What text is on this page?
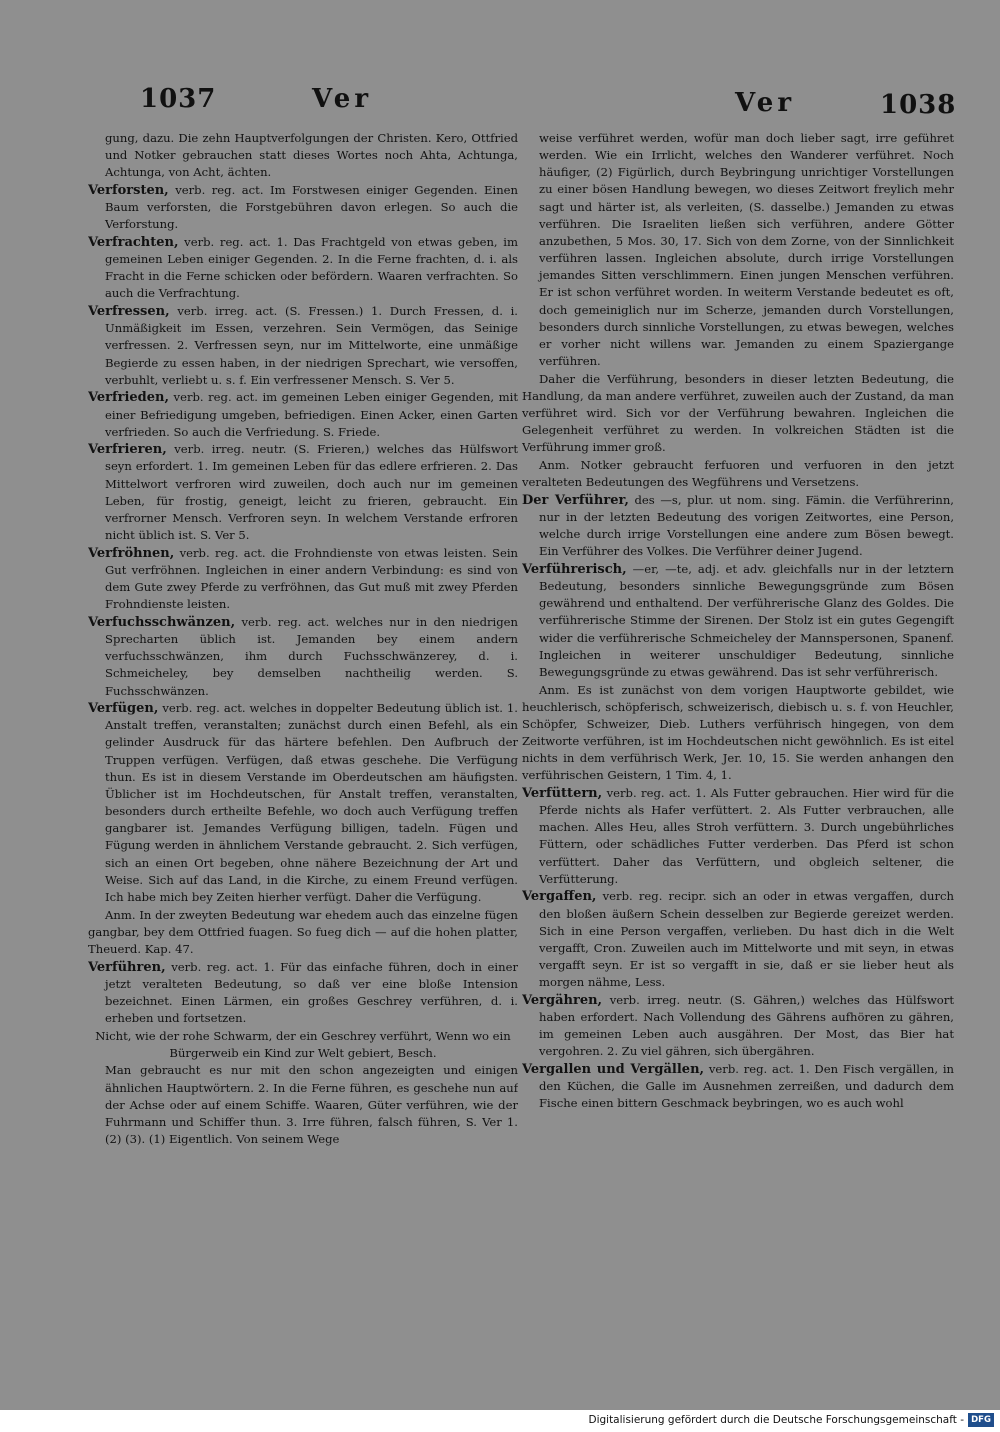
1037	Ver	Ver	1038

gung, dazu. Die zehn Hauptverfolgungen der Christen. Kero, Ottfried und Notker gebrauchen statt dieses Wortes noch Ahta, Achtunga, Achtunga, von Acht, ächten.

Verforsten, verb. reg. act. Im Forstwesen einiger Gegenden. Einen Baum verforsten, die Forstgebühren davon erlegen. So auch die Verforstung.

Verfrachten, verb. reg. act. 1. Das Frachtgeld von etwas geben, im gemeinen Leben einiger Gegenden. 2. In die Ferne frachten, d. i. als Fracht in die Ferne schicken oder befördern. Waaren verfrachten. So auch die Verfrachtung.

Verfressen, verb. irreg. act. (S. Fressen.) 1. Durch Fressen, d. i. Unmäßigkeit im Essen, verzehren. Sein Vermögen, das Seinige verfressen. 2. Verfressen seyn, nur im Mittelworte, eine unmäßige Begierde zu essen haben, in der niedrigen Sprechart, wie versoffen, verbuhlt, verliebt u. s. f. Ein verfressener Mensch. S. Ver 5.

Verfrieden, verb. reg. act. im gemeinen Leben einiger Gegenden, mit einer Befriedigung umgeben, befriedigen. Einen Acker, einen Garten verfrieden. So auch die Verfriedung. S. Friede.

Verfrieren, verb. irreg. neutr. (S. Frieren,) welches das Hülfswort seyn erfordert. 1. Im gemeinen Leben für das edlere erfrieren. 2. Das Mittelwort verfroren wird zuweilen, doch auch nur im gemeinen Leben, für frostig, geneigt, leicht zu frieren, gebraucht. Ein verfrorner Mensch. Verfroren seyn. In welchem Verstande erfroren nicht üblich ist. S. Ver 5.

Verfröhnen, verb. reg. act. die Frohndienste von etwas leisten. Sein Gut verfröhnen. Ingleichen in einer andern Verbindung: es sind von dem Gute zwey Pferde zu verfröhnen, das Gut muß mit zwey Pferden Frohndienste leisten.

Verfuchsschwänzen, verb. reg. act. welches nur in den niedrigen Sprecharten üblich ist. Jemanden bey einem andern verfuchsschwänzen, ihm durch Fuchsschwänzerey, d. i. Schmeicheley, bey demselben nachtheilig werden. S. Fuchsschwänzen.

Verfügen, verb. reg. act. welches in doppelter Bedeutung üblich ist. 1. Anstalt treffen, veranstalten; zunächst durch einen Befehl, als ein gelinder Ausdruck für das härtere befehlen. Den Aufbruch der Truppen verfügen. Verfügen, daß etwas geschehe. Die Verfügung thun. Es ist in diesem Verstande im Oberdeutschen am häufigsten. Üblicher ist im Hochdeutschen, für Anstalt treffen, veranstalten, besonders durch ertheilte Befehle, wo doch auch Verfügung treffen gangbarer ist. Jemandes Verfügung billigen, tadeln. Fügen und Fügung werden in ähnlichem Verstande gebraucht. 2. Sich verfügen, sich an einen Ort begeben, ohne nähere Bezeichnung der Art und Weise. Sich auf das Land, in die Kirche, zu einem Freund verfügen. Ich habe mich bey Zeiten hierher verfügt. Daher die Verfügung.

Anm. In der zweyten Bedeutung war ehedem auch das einzelne fügen gangbar, bey dem Ottfried fuagen. So fueg dich — auf die hohen platter, Theuerd. Kap. 47.

Verführen, verb. reg. act. 1. Für das einfache führen, doch in einer jetzt veralteten Bedeutung, so daß ver eine bloße Intension bezeichnet. Einen Lärmen, ein großes Geschrey verführen, d. i. erheben und fortsetzen.

Nicht, wie der rohe Schwarm, der ein Geschrey verführt, Wenn wo ein Bürgerweib ein Kind zur Welt gebiert, Besch.

Man gebraucht es nur mit den schon angezeigten und einigen ähnlichen Hauptwörtern. 2. In die Ferne führen, es geschehe nun auf der Achse oder auf einem Schiffe. Waaren, Güter verführen, wie der Fuhrmann und Schiffer thun. 3. Irre führen, falsch führen, S. Ver 1. (2) (3). (1) Eigentlich. Von seinem Wege

weise verführet werden, wofür man doch lieber sagt, irre geführet werden. Wie ein Irrlicht, welches den Wanderer verführet. Noch häufiger, (2) Figürlich, durch Beybringung unrichtiger Vorstellungen zu einer bösen Handlung bewegen, wo dieses Zeitwort freylich mehr sagt und härter ist, als verleiten, (S. dasselbe.) Jemanden zu etwas verführen. Die Israeliten ließen sich verführen, andere Götter anzubethen, 5 Mos. 30, 17. Sich von dem Zorne, von der Sinnlichkeit verführen lassen. Ingleichen absolute, durch irrige Vorstellungen jemandes Sitten verschlimmern. Einen jungen Menschen verführen. Er ist schon verführet worden. In weiterm Verstande bedeutet es oft, doch gemeiniglich nur im Scherze, jemanden durch Vorstellungen, besonders durch sinnliche Vorstellungen, zu etwas bewegen, welches er vorher nicht willens war. Jemanden zu einem Spaziergange verführen.

Daher die Verführung, besonders in dieser letzten Bedeutung, die Handlung, da man andere verführet, zuweilen auch der Zustand, da man verführet wird. Sich vor der Verführung bewahren. Ingleichen die Gelegenheit verführet zu werden. In volkreichen Städten ist die Verführung immer groß.

Anm. Notker gebraucht ferfuoren und verfuoren in den jetzt veralteten Bedeutungen des Wegführens und Versetzens.

Der Verführer, des —s, plur. ut nom. sing. Fämin. die Verführerinn, nur in der letzten Bedeutung des vorigen Zeitwortes, eine Person, welche durch irrige Vorstellungen eine andere zum Bösen bewegt. Ein Verführer des Volkes. Die Verführer deiner Jugend.

Verführerisch, —er, —te, adj. et adv. gleichfalls nur in der letztern Bedeutung, besonders sinnliche Bewegungsgründe zum Bösen gewährend und enthaltend. Der verführerische Glanz des Goldes. Die verführerische Stimme der Sirenen. Der Stolz ist ein gutes Gegengift wider die verführerische Schmeicheley der Mannspersonen, Spanenf. Ingleichen in weiterer unschuldiger Bedeutung, sinnliche Bewegungsgründe zu etwas gewährend. Das ist sehr verführerisch.

Anm. Es ist zunächst von dem vorigen Hauptworte gebildet, wie heuchlerisch, schöpferisch, schweizerisch, diebisch u. s. f. von Heuchler, Schöpfer, Schweizer, Dieb. Luthers verführisch hingegen, von dem Zeitworte verführen, ist im Hochdeutschen nicht gewöhnlich. Es ist eitel nichts in dem verführisch Werk, Jer. 10, 15. Sie werden anhangen den verführischen Geistern, 1 Tim. 4, 1.

Verfüttern, verb. reg. act. 1. Als Futter gebrauchen. Hier wird für die Pferde nichts als Hafer verfüttert. 2. Als Futter verbrauchen, alle machen. Alles Heu, alles Stroh verfüttern. 3. Durch ungebührliches Füttern, oder schädliches Futter verderben. Das Pferd ist schon verfüttert. Daher das Verfüttern, und obgleich seltener, die Verfütterung.

Vergaffen, verb. reg. recipr. sich an oder in etwas vergaffen, durch den bloßen äußern Schein desselben zur Begierde gereizet werden. Sich in eine Person vergaffen, verlieben. Du hast dich in die Welt vergafft, Cron. Zuweilen auch im Mittelworte und mit seyn, in etwas vergafft seyn. Er ist so vergafft in sie, daß er sie lieber heut als morgen nähme, Less.

Vergähren, verb. irreg. neutr. (S. Gähren,) welches das Hülfswort haben erfordert. Nach Vollendung des Gährens aufhören zu gähren, im gemeinen Leben auch ausgähren. Der Most, das Bier hat vergohren. 2. Zu viel gähren, sich übergähren.

Vergallen und Vergällen, verb. reg. act. 1. Den Fisch vergällen, in den Küchen, die Galle im Ausnehmen zerreißen, und dadurch dem Fische einen bittern Geschmack beybringen, wo es auch wohl

Digitalisierung gefördert durch die Deutsche Forschungsgemeinschaft - DFG
